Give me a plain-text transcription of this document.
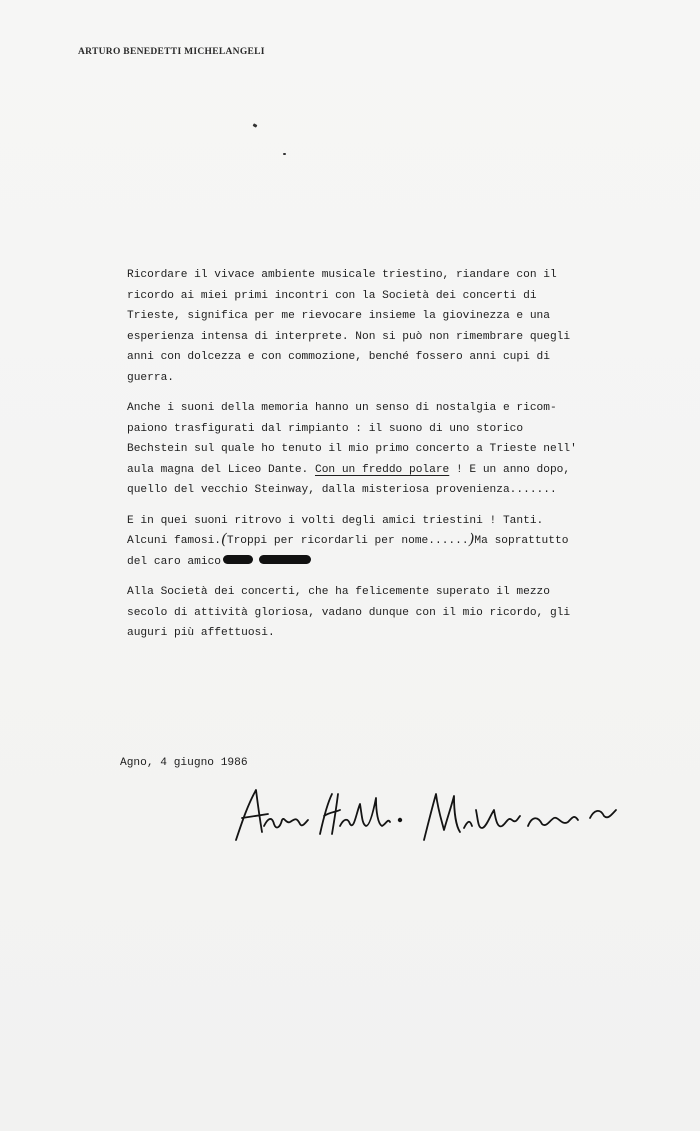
ARTURO BENEDETTI MICHELANGELI

Ricordare il vivace ambiente musicale triestino, riandare con il
ricordo ai miei primi incontri con la Società dei concerti di
Trieste, significa per me rievocare insieme la giovinezza e una
esperienza intensa di interprete. Non si può non rimembrare quegli
anni con dolcezza e con commozione, benché fossero anni cupi di
guerra.

Anche i suoni della memoria hanno un senso di nostalgia e ricom-
paiono trasfigurati dal rimpianto : il suono di uno storico
Bechstein sul quale ho tenuto il mio primo concerto a Trieste nell'
aula magna del Liceo Dante. Con un freddo polare ! E un anno dopo,
quello del vecchio Steinway, dalla misteriosa provenienza.......

E in quei suoni ritrovo i volti degli amici triestini ! Tanti.
Alcuni famosi.(Troppi per ricordarli per nome......)Ma soprattutto
del caro amico

Alla Società dei concerti, che ha felicemente superato il mezzo
secolo di attività gloriosa, vadano dunque con il mio ricordo, gli
auguri più affettuosi.

Agno, 4 giugno 1986
